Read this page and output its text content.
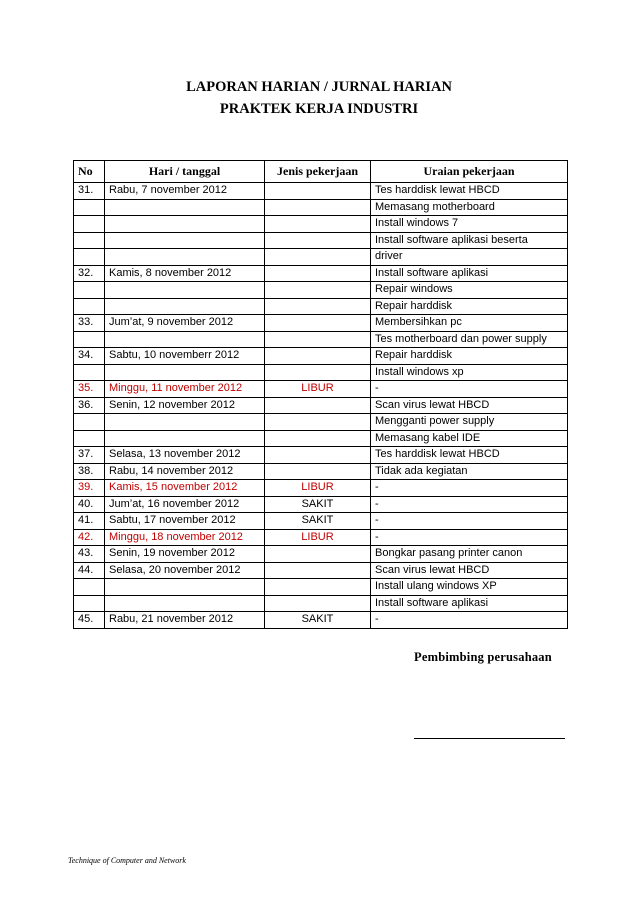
LAPORAN HARIAN / JURNAL HARIAN
PRAKTEK KERJA INDUSTRI
No	Hari / tanggal	Jenis pekerjaan	Uraian pekerjaan
31.	Rabu, 7 november 2012		Tes harddisk lewat HBCD
			Memasang motherboard
			Install windows 7
			Install software aplikasi beserta
			driver
32.	Kamis, 8 november 2012		Install software aplikasi
			Repair windows
			Repair harddisk
33.	Jum’at, 9 november 2012		Membersihkan pc
			Tes motherboard dan power supply
34.	Sabtu, 10 novemberr 2012		Repair harddisk
			Install windows xp
35.	Minggu, 11 november 2012	LIBUR	-
36.	Senin, 12 november 2012		Scan virus lewat HBCD
			Mengganti power supply
			Memasang kabel IDE
37.	Selasa, 13 november 2012		Tes harddisk lewat HBCD
38.	Rabu, 14 november 2012		Tidak ada kegiatan
39.	Kamis, 15 november 2012	LIBUR	-
40.	Jum’at, 16 november 2012	SAKIT	-
41.	Sabtu, 17 november 2012	SAKIT	-
42.	Minggu, 18 november 2012	LIBUR	-
43.	Senin, 19 november 2012		Bongkar pasang printer canon
44.	Selasa, 20 november 2012		Scan virus lewat HBCD
			Install ulang windows XP
			Install software aplikasi
45.	Rabu, 21 november 2012	SAKIT	-
Pembimbing perusahaan
Technique of Computer and Network
